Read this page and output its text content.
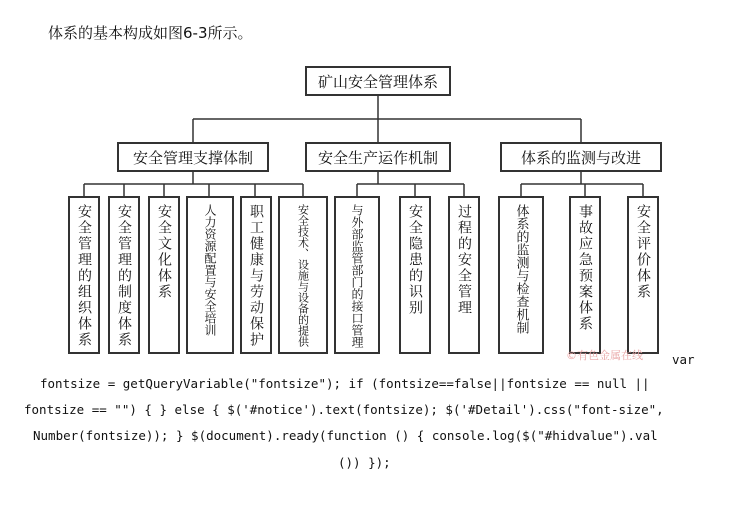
体系的基本构成如图6-3所示。
矿山安全管理体系
安全管理支撑体制	安全生产运作机制	体系的监测与改进
安全管理的组织体系 安全管理的制度体系 安全文化体系	人力资源配置与安全培训 职工健康与劳动保护	安全技术、设施与设备的提供	与外部监管部门的接口管理	安全隐患的识别 过程的安全管理	体系的监测与检查机制	事故应急预案体系	安全评价体系
©有色金属在线 var
fontsize = getQueryVariable("fontsize"); if (fontsize==false||fontsize == null ||
fontsize == "") { } else { $('#notice').text(fontsize); $('#Detail').css("font-size",
Number(fontsize)); } $(document).ready(function () { console.log($("#hidvalue").val
()) });
